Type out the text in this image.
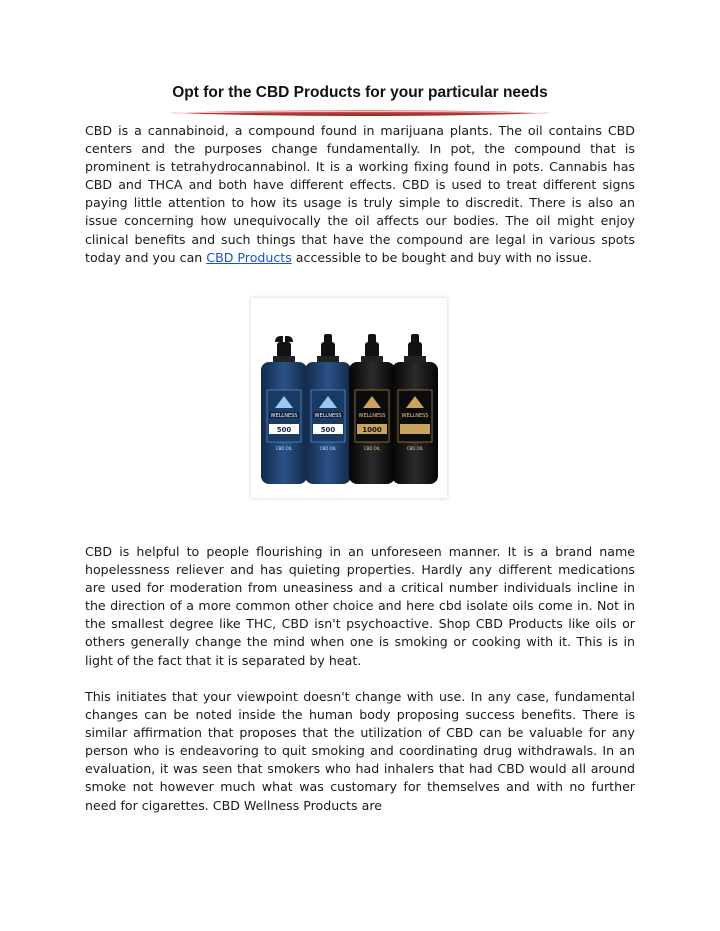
Opt for the CBD Products for your particular needs
CBD is a cannabinoid, a compound found in marijuana plants. The oil contains CBD centers and the purposes change fundamentally. In pot, the compound that is prominent is tetrahydrocannabinol. It is a working fixing found in pots. Cannabis has CBD and THCA and both have different effects. CBD is used to treat different signs paying little attention to how its usage is truly simple to discredit. There is also an issue concerning how unequivocally the oil affects our bodies. The oil might enjoy clinical benefits and such things that have the compound are legal in various spots today and you can CBD Products accessible to be bought and buy with no issue.
WELLNESS
500
CBD OIL
WELLNESS
500
CBD OIL
WELLNESS
1000
CBD OIL
WELLNESS
CBD OIL
CBD is helpful to people flourishing in an unforeseen manner. It is a brand name hopelessness reliever and has quieting properties. Hardly any different medications are used for moderation from uneasiness and a critical number individuals incline in the direction of a more common other choice and here cbd isolate oils come in. Not in the smallest degree like THC, CBD isn't psychoactive. Shop CBD Products like oils or others generally change the mind when one is smoking or cooking with it. This is in light of the fact that it is separated by heat.
This initiates that your viewpoint doesn't change with use. In any case, fundamental changes can be noted inside the human body proposing success benefits. There is similar affirmation that proposes that the utilization of CBD can be valuable for any person who is endeavoring to quit smoking and coordinating drug withdrawals. In an evaluation, it was seen that smokers who had inhalers that had CBD would all around smoke not however much what was customary for themselves and with no further need for cigarettes. CBD Wellness Products are
